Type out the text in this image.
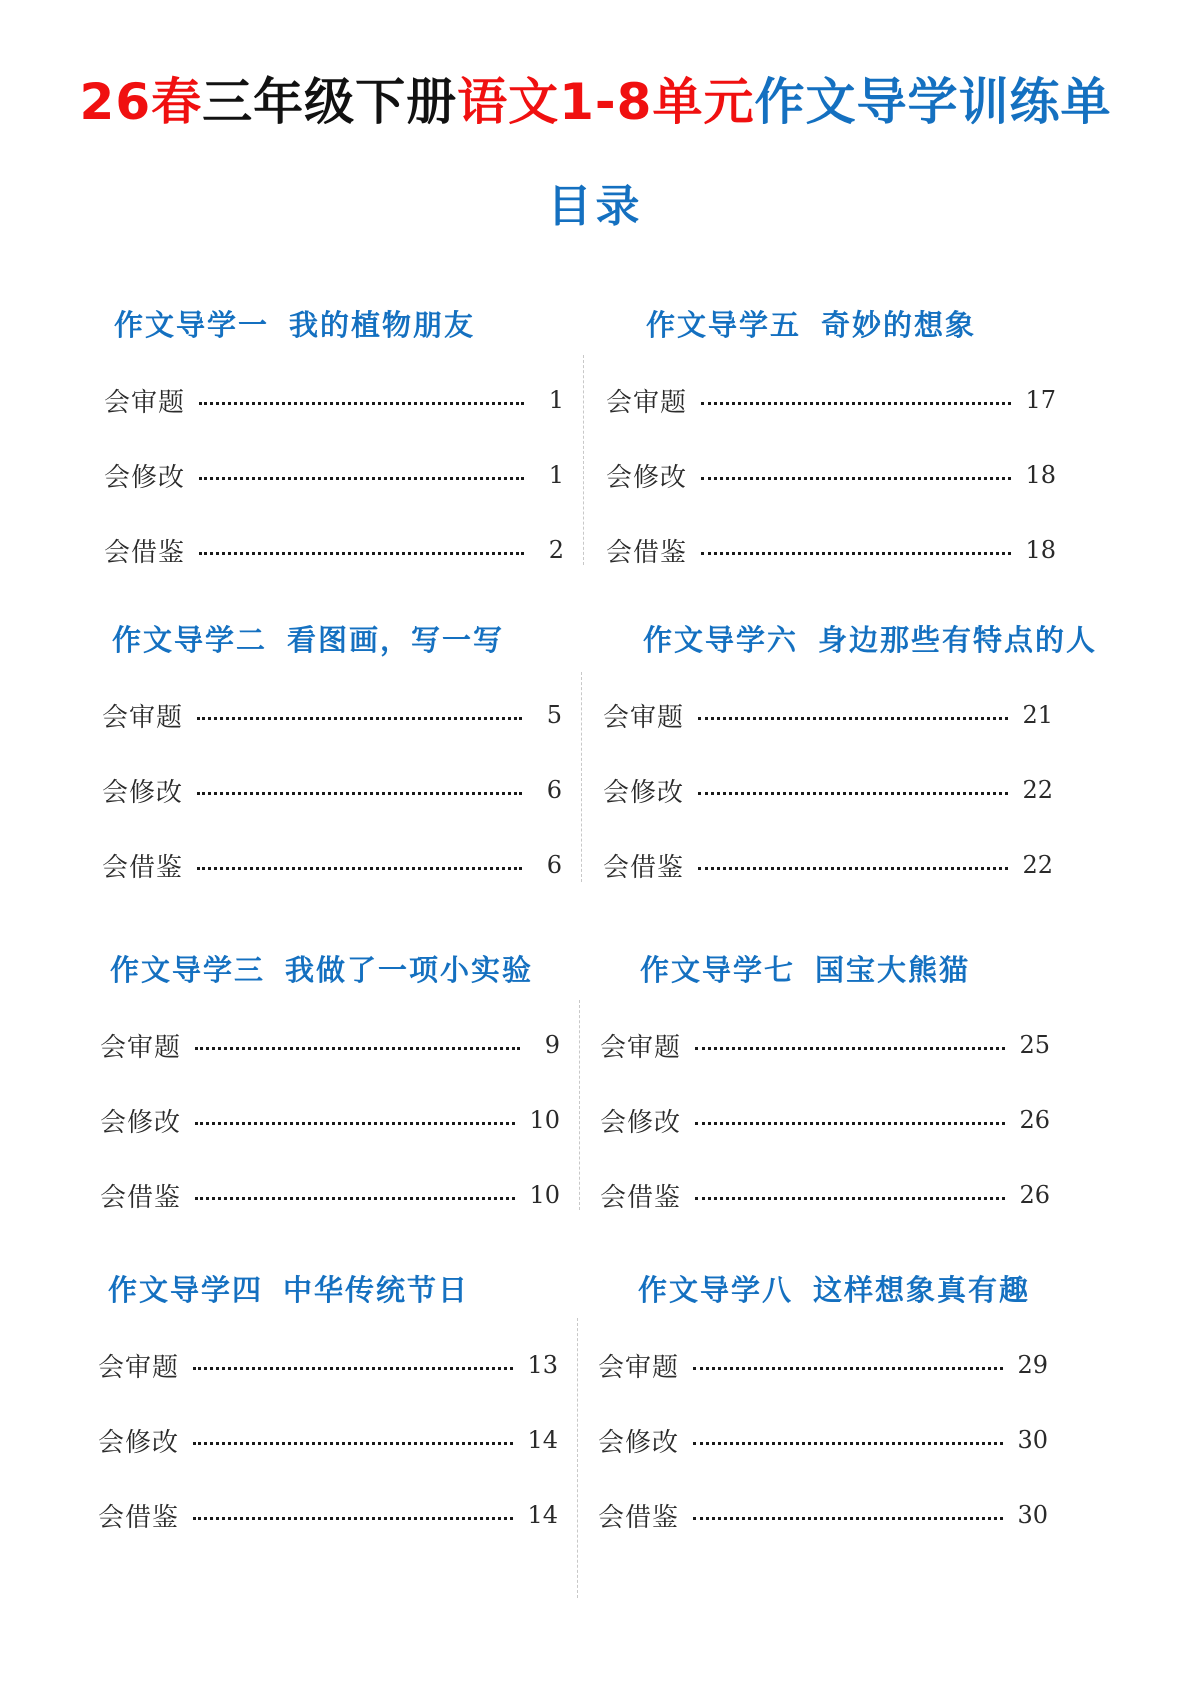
26春三年级下册语文1-8单元作文导学训练单
目录
作文导学一 我的植物朋友
会审题	1
会修改	1
会借鉴	2
作文导学二 看图画，写一写
会审题	5
会修改	6
会借鉴	6
作文导学三 我做了一项小实验
会审题	9
会修改	10
会借鉴	10
作文导学四 中华传统节日
会审题	13
会修改	14
会借鉴	14
作文导学五 奇妙的想象
会审题	17
会修改	18
会借鉴	18
作文导学六 身边那些有特点的人
会审题	21
会修改	22
会借鉴	22
作文导学七 国宝大熊猫
会审题	25
会修改	26
会借鉴	26
作文导学八 这样想象真有趣
会审题	29
会修改	30
会借鉴	30
